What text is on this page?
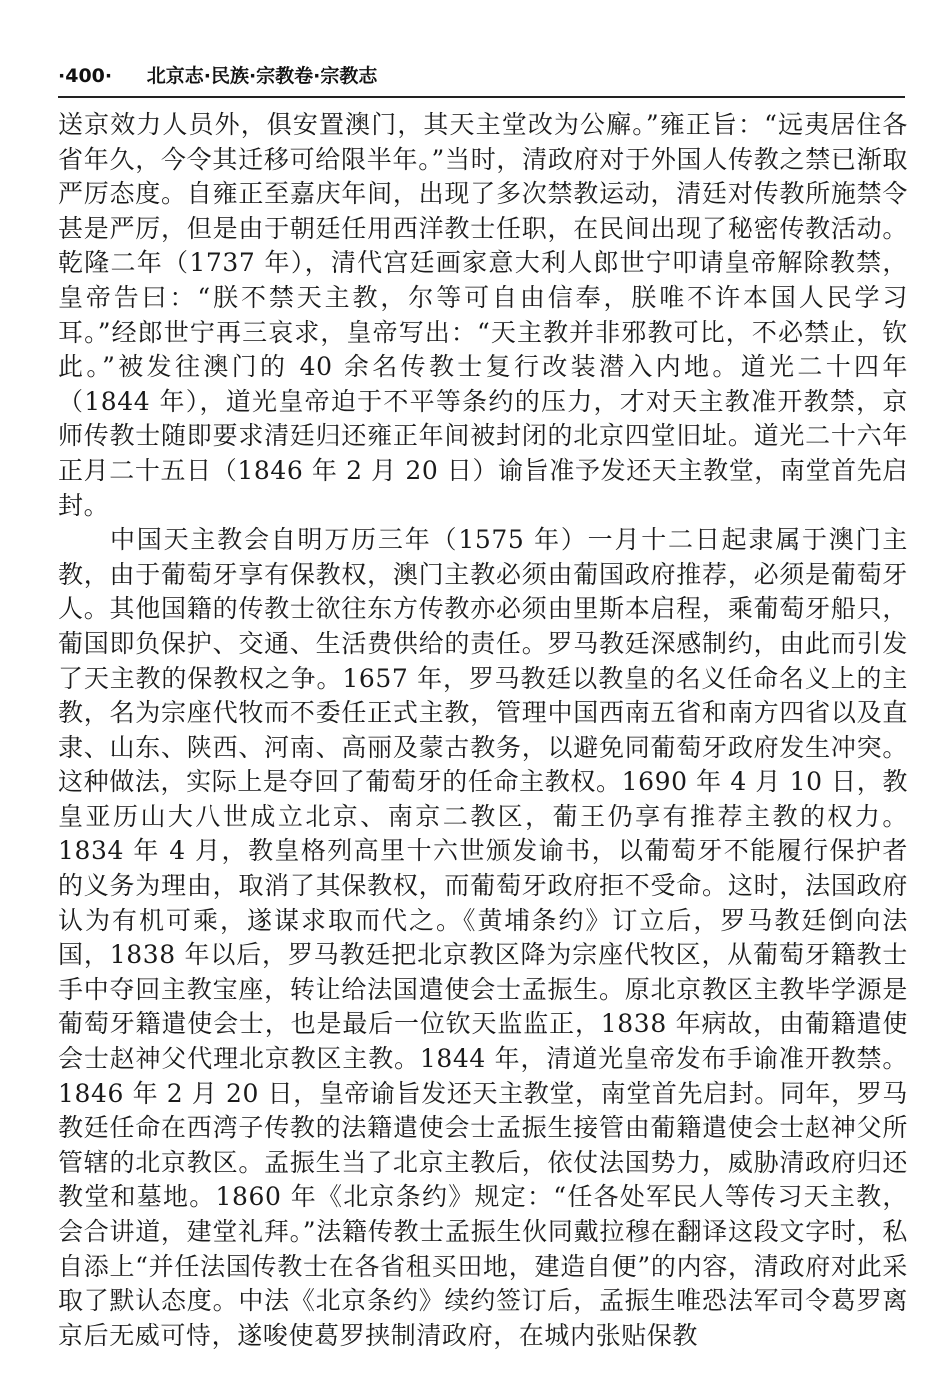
·400· 北京志·民族·宗教卷·宗教志

送京效力人员外，俱安置澳门，其天主堂改为公廨。”雍正旨：“远夷居住各省年久，今令其迁移可给限半年。”当时，清政府对于外国人传教之禁已渐取严厉态度。自雍正至嘉庆年间，出现了多次禁教运动，清廷对传教所施禁令甚是严厉，但是由于朝廷任用西洋教士任职，在民间出现了秘密传教活动。乾隆二年（1737 年），清代宫廷画家意大利人郎世宁叩请皇帝解除教禁，皇帝告曰：“朕不禁天主教，尔等可自由信奉，朕唯不许本国人民学习耳。”经郎世宁再三哀求，皇帝写出：“天主教并非邪教可比，不必禁止，钦此。”被发往澳门的 40 余名传教士复行改装潜入内地。道光二十四年（1844 年），道光皇帝迫于不平等条约的压力，才对天主教准开教禁，京师传教士随即要求清廷归还雍正年间被封闭的北京四堂旧址。道光二十六年正月二十五日（1846 年 2 月 20 日）谕旨准予发还天主教堂，南堂首先启封。

中国天主教会自明万历三年（1575 年）一月十二日起隶属于澳门主教，由于葡萄牙享有保教权，澳门主教必须由葡国政府推荐，必须是葡萄牙人。其他国籍的传教士欲往东方传教亦必须由里斯本启程，乘葡萄牙船只，葡国即负保护、交通、生活费供给的责任。罗马教廷深感制约，由此而引发了天主教的保教权之争。1657 年，罗马教廷以教皇的名义任命名义上的主教，名为宗座代牧而不委任正式主教，管理中国西南五省和南方四省以及直隶、山东、陕西、河南、高丽及蒙古教务，以避免同葡萄牙政府发生冲突。这种做法，实际上是夺回了葡萄牙的任命主教权。1690 年 4 月 10 日，教皇亚历山大八世成立北京、南京二教区，葡王仍享有推荐主教的权力。1834 年 4 月，教皇格列高里十六世颁发谕书，以葡萄牙不能履行保护者的义务为理由，取消了其保教权，而葡萄牙政府拒不受命。这时，法国政府认为有机可乘，遂谋求取而代之。《黄埔条约》订立后，罗马教廷倒向法国，1838 年以后，罗马教廷把北京教区降为宗座代牧区，从葡萄牙籍教士手中夺回主教宝座，转让给法国遣使会士孟振生。原北京教区主教毕学源是葡萄牙籍遣使会士，也是最后一位钦天监监正，1838 年病故，由葡籍遣使会士赵神父代理北京教区主教。1844 年，清道光皇帝发布手谕准开教禁。1846 年 2 月 20 日，皇帝谕旨发还天主教堂，南堂首先启封。同年，罗马教廷任命在西湾子传教的法籍遣使会士孟振生接管由葡籍遣使会士赵神父所管辖的北京教区。孟振生当了北京主教后，依仗法国势力，威胁清政府归还教堂和墓地。1860 年《北京条约》规定：“任各处军民人等传习天主教，会合讲道，建堂礼拜。”法籍传教士孟振生伙同戴拉穆在翻译这段文字时，私自添上“并任法国传教士在各省租买田地，建造自便”的内容，清政府对此采取了默认态度。中法《北京条约》续约签订后，孟振生唯恐法军司令葛罗离京后无威可恃，遂唆使葛罗挟制清政府，在城内张贴保教
